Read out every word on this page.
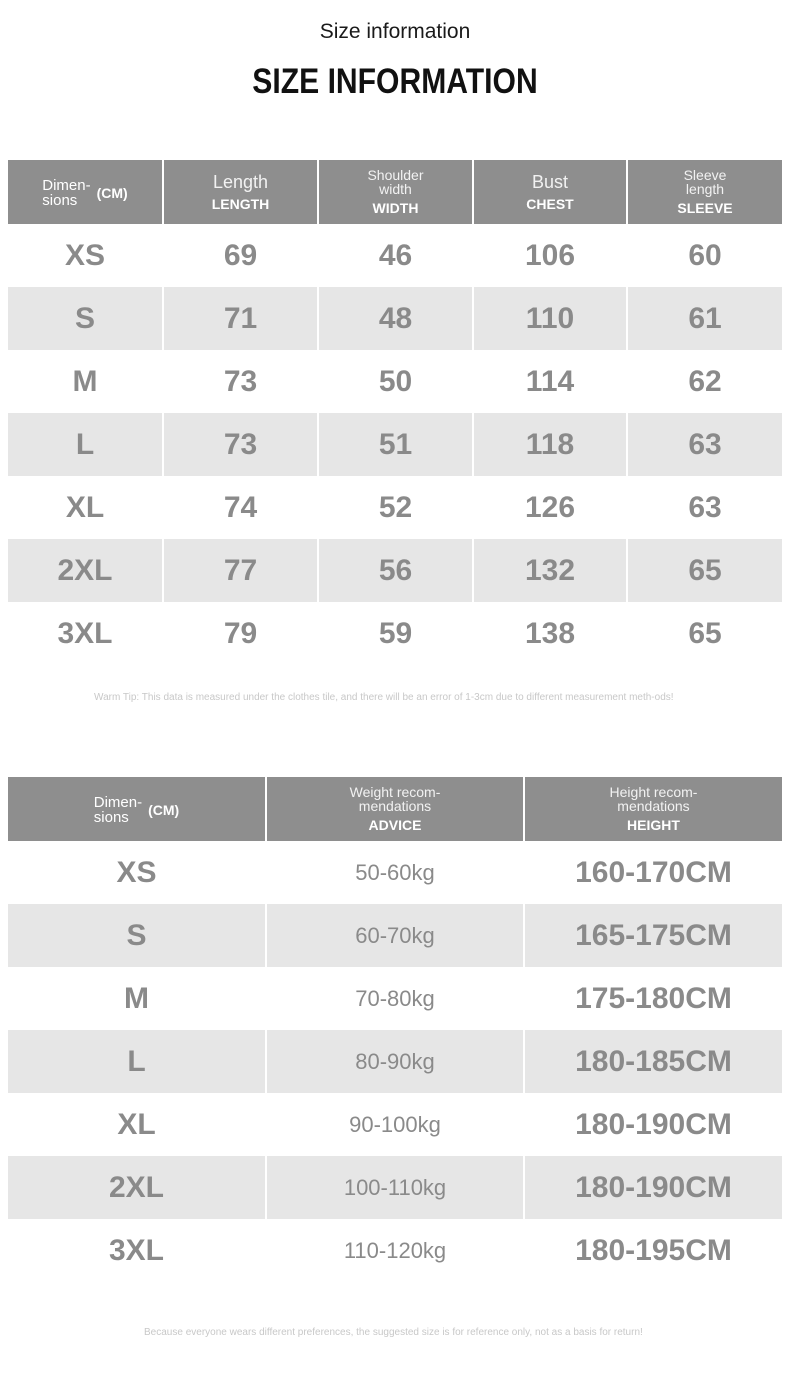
Size information
SIZE INFORMATION
Dimen-
sions (CM)	Length
LENGTH	Shoulder
width
WIDTH	Bust
CHEST	Sleeve
length
SLEEVE

XS	69	46	106	60
S	71	48	110	61
M	73	50	114	62
L	73	51	118	63
XL	74	52	126	63
2XL	77	56	132	65
3XL	79	59	138	65
Warm Tip: This data is measured under the clothes tile, and there will be an error of 1-3cm due to different measurement meth-ods!
Dimen-
sions (CM)	Weight recom-
mendations
ADVICE	Height recom-
mendations
HEIGHT

XS	50-60kg	160-170CM
S	60-70kg	165-175CM
M	70-80kg	175-180CM
L	80-90kg	180-185CM
XL	90-100kg	180-190CM
2XL	100-110kg	180-190CM
3XL	110-120kg	180-195CM
Because everyone wears different preferences, the suggested size is for reference only, not as a basis for return!
